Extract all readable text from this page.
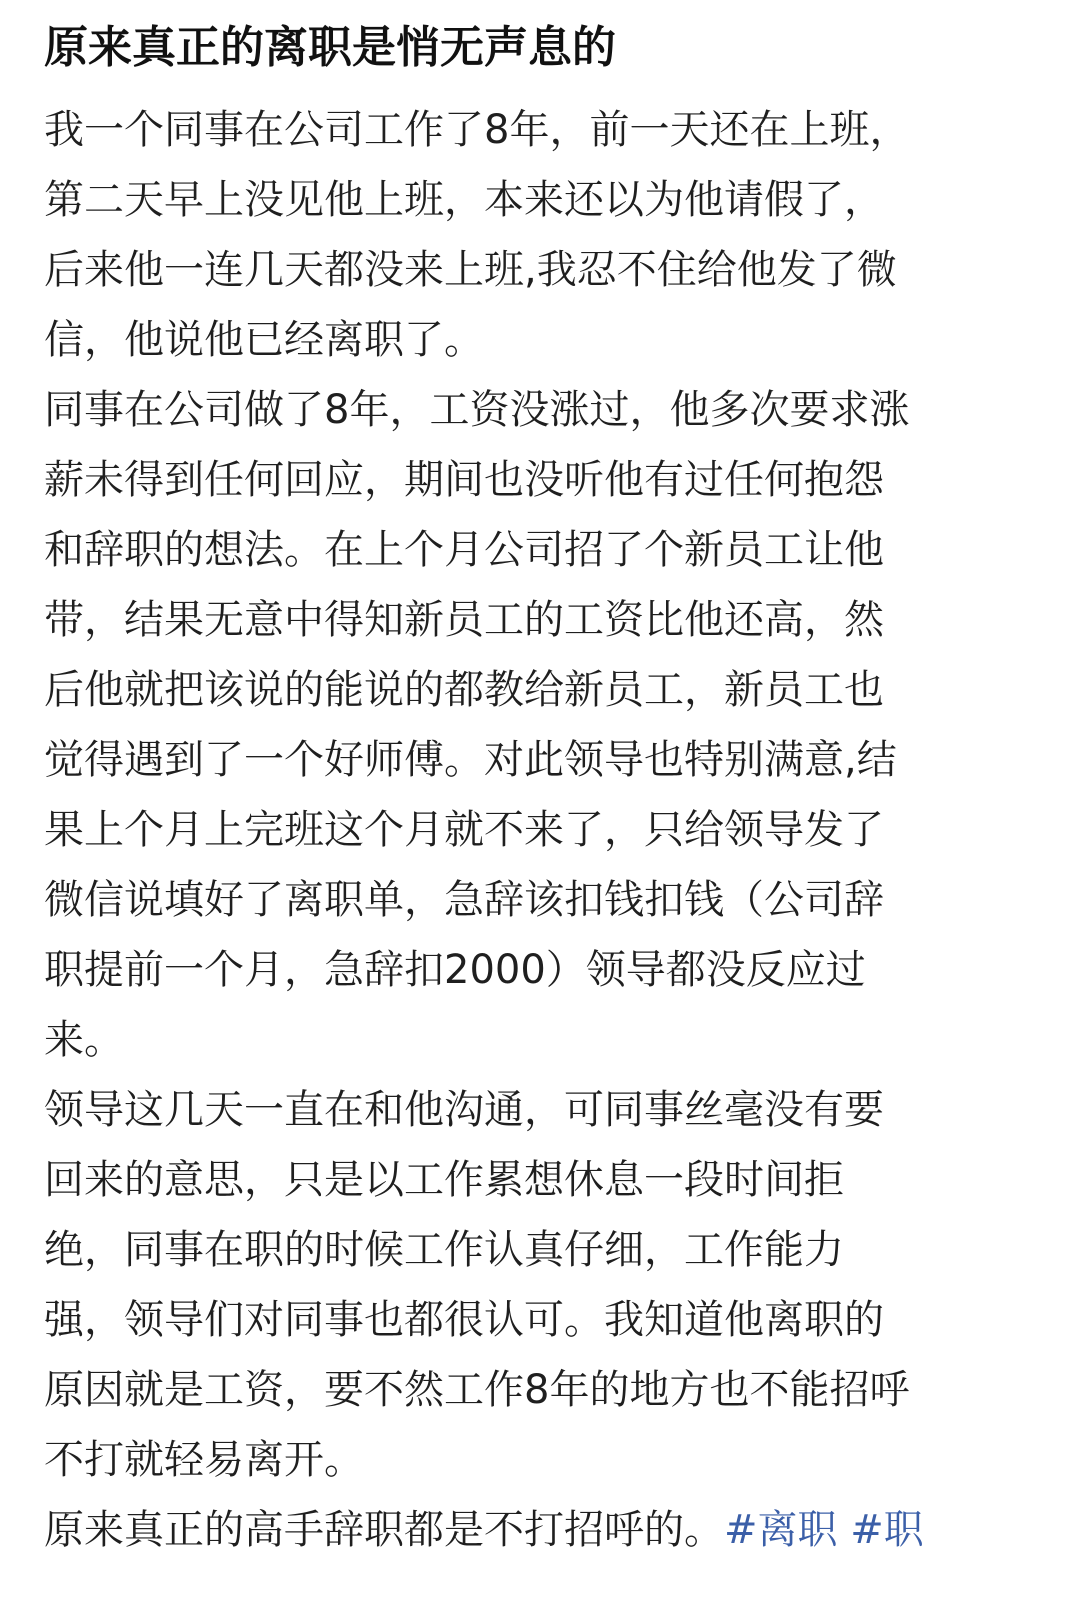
原来真正的离职是悄无声息的
我一个同事在公司工作了8年，前一天还在上班，
第二天早上没见他上班，本来还以为他请假了，
后来他一连几天都没来上班,我忍不住给他发了微
信，他说他已经离职了。
同事在公司做了8年，工资没涨过，他多次要求涨
薪未得到任何回应，期间也没听他有过任何抱怨
和辞职的想法。在上个月公司招了个新员工让他
带，结果无意中得知新员工的工资比他还高，然
后他就把该说的能说的都教给新员工，新员工也
觉得遇到了一个好师傅。对此领导也特别满意,结
果上个月上完班这个月就不来了，只给领导发了
微信说填好了离职单，急辞该扣钱扣钱（公司辞
职提前一个月，急辞扣2000）领导都没反应过
来。
领导这几天一直在和他沟通，可同事丝毫没有要
回来的意思，只是以工作累想休息一段时间拒
绝，同事在职的时候工作认真仔细，工作能力
强，领导们对同事也都很认可。我知道他离职的
原因就是工资，要不然工作8年的地方也不能招呼
不打就轻易离开。
原来真正的高手辞职都是不打招呼的。#离职 #职
